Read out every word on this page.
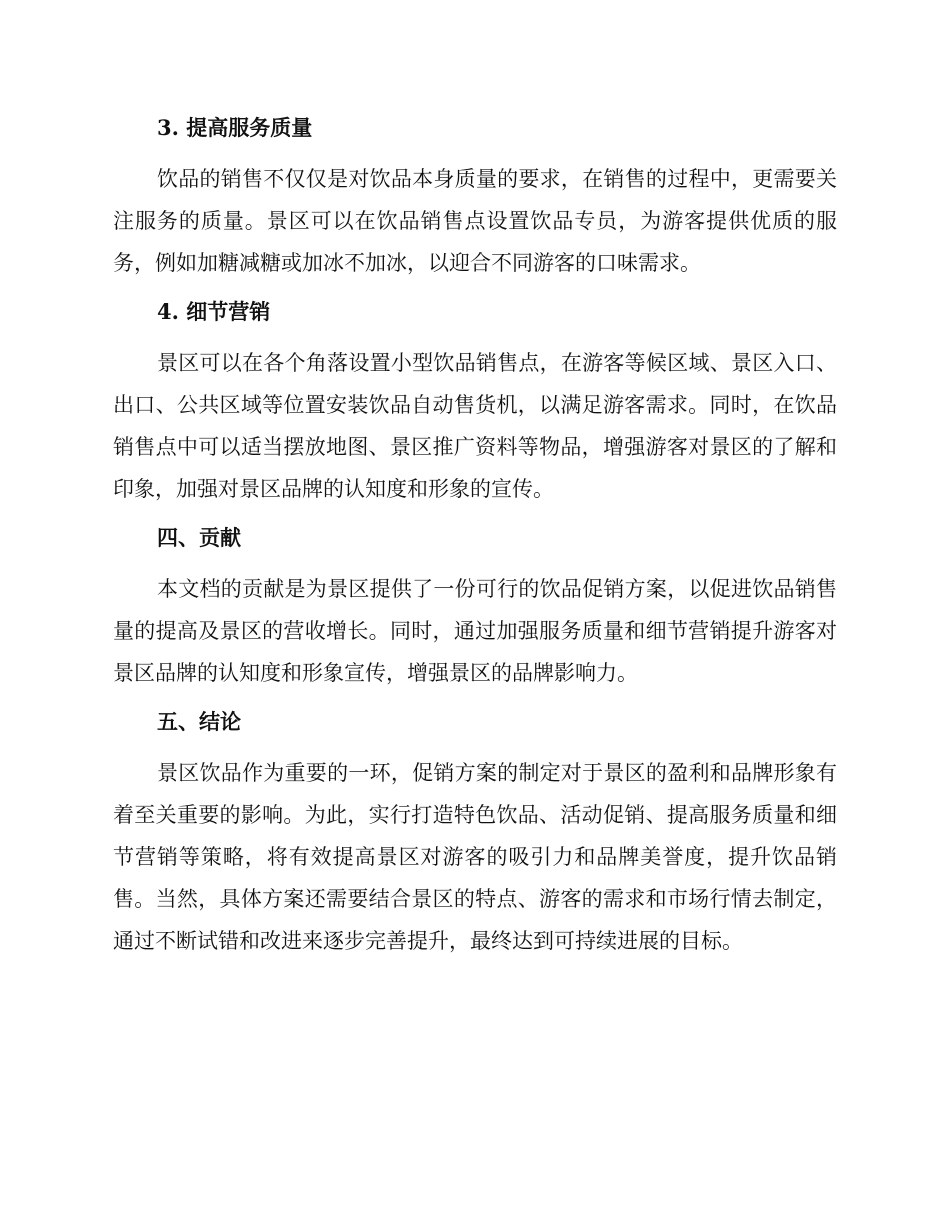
3. 提高服务质量

饮品的销售不仅仅是对饮品本身质量的要求，在销售的过程中，更需要关注服务的质量。景区可以在饮品销售点设置饮品专员，为游客提供优质的服务，例如加糖减糖或加冰不加冰，以迎合不同游客的口味需求。

4. 细节营销

景区可以在各个角落设置小型饮品销售点，在游客等候区域、景区入口、出口、公共区域等位置安装饮品自动售货机，以满足游客需求。同时，在饮品销售点中可以适当摆放地图、景区推广资料等物品，增强游客对景区的了解和印象，加强对景区品牌的认知度和形象的宣传。

四、贡献

本文档的贡献是为景区提供了一份可行的饮品促销方案，以促进饮品销售量的提高及景区的营收增长。同时，通过加强服务质量和细节营销提升游客对景区品牌的认知度和形象宣传，增强景区的品牌影响力。

五、结论

景区饮品作为重要的一环，促销方案的制定对于景区的盈利和品牌形象有着至关重要的影响。为此，实行打造特色饮品、活动促销、提高服务质量和细节营销等策略，将有效提高景区对游客的吸引力和品牌美誉度，提升饮品销售。当然，具体方案还需要结合景区的特点、游客的需求和市场行情去制定，通过不断试错和改进来逐步完善提升，最终达到可持续进展的目标。
